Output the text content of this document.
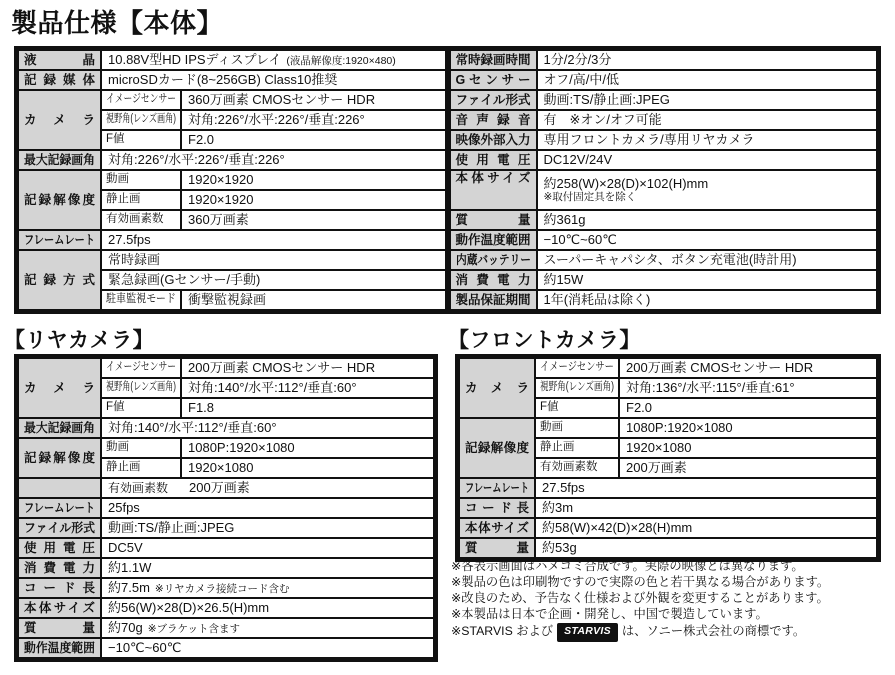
製品仕様【本体】
液　晶	10.88V型HD IPSディスプレイ (液晶解像度:1920×480)	
記録媒体	microSDカード(8~256GB) Class10推奨	
カ　メ　ラ	イメージセンサー	360万画素 CMOSセンサー HDR
	視野角(レンズ画角)	対角:226°/水平:226°/垂直:226°
	F値	F2.0
最大記録画角	対角:226°/水平:226°/垂直:226°	
記録解像度	動画	1920×1920
	静止画	1920×1920
	有効画素数	360万画素
フレームレート	27.5fps	
記録方式	常時録画	
	緊急録画(Gセンサー/手動)	
	駐車監視モード	衝撃監視録画
常時録画時間	1分/2分/3分
Gセンサー	オフ/高/中/低
ファイル形式	動画:TS/静止画:JPEG
音声録音	有　※オン/オフ可能
映像外部入力	専用フロントカメラ/専用リヤカメラ
使用電圧	DC12V/24V
本体サイズ	約258(W)×28(D)×102(H)mm
※取付固定具を除く

質　量	約361g
動作温度範囲	−10℃~60℃
内蔵バッテリー	スーパーキャパシタ、ボタン充電池(時計用)
消費電力	約15W
製品保証期間	1年(消耗品は除く)
【リヤカメラ】
カ　メ　ラ	イメージセンサー	200万画素 CMOSセンサー HDR
	視野角(レンズ画角)	対角:140°/水平:112°/垂直:60°
	F値	F1.8
最大記録画角	対角:140°/水平:112°/垂直:60°	
記録解像度	動画	1080P:1920×1080
	静止画	1920×1080
	有効画素数 200万画素	
フレームレート	25fps	
ファイル形式	動画:TS/静止画:JPEG	
使用電圧	DC5V	
消費電力	約1.1W	
コード長	約7.5m ※リヤカメラ接続コード含む	
本体サイズ	約56(W)×28(D)×26.5(H)mm	
質　量	約70g ※ブラケット含ます	
動作温度範囲	−10℃~60℃	
【フロントカメラ】
カ　メ　ラ	イメージセンサー	200万画素 CMOSセンサー HDR
	視野角(レンズ画角)	対角:136°/水平:115°/垂直:61°
	F値	F2.0
記録解像度	動画	1080P:1920×1080
	静止画	1920×1080
	有効画素数	200万画素
フレームレート	27.5fps	
コード長	約3m	
本体サイズ	約58(W)×42(D)×28(H)mm	
質　量	約53g	
※各表示画面はハメコミ合成です。実際の映像とは異なります。
※製品の色は印刷物ですので実際の色と若干異なる場合があります。
※改良のため、予告なく仕様および外観を変更することがあります。
※本製品は日本で企画・開発し、中国で製造しています。
※STARVIS および STARVIS は、ソニー株式会社の商標です。
